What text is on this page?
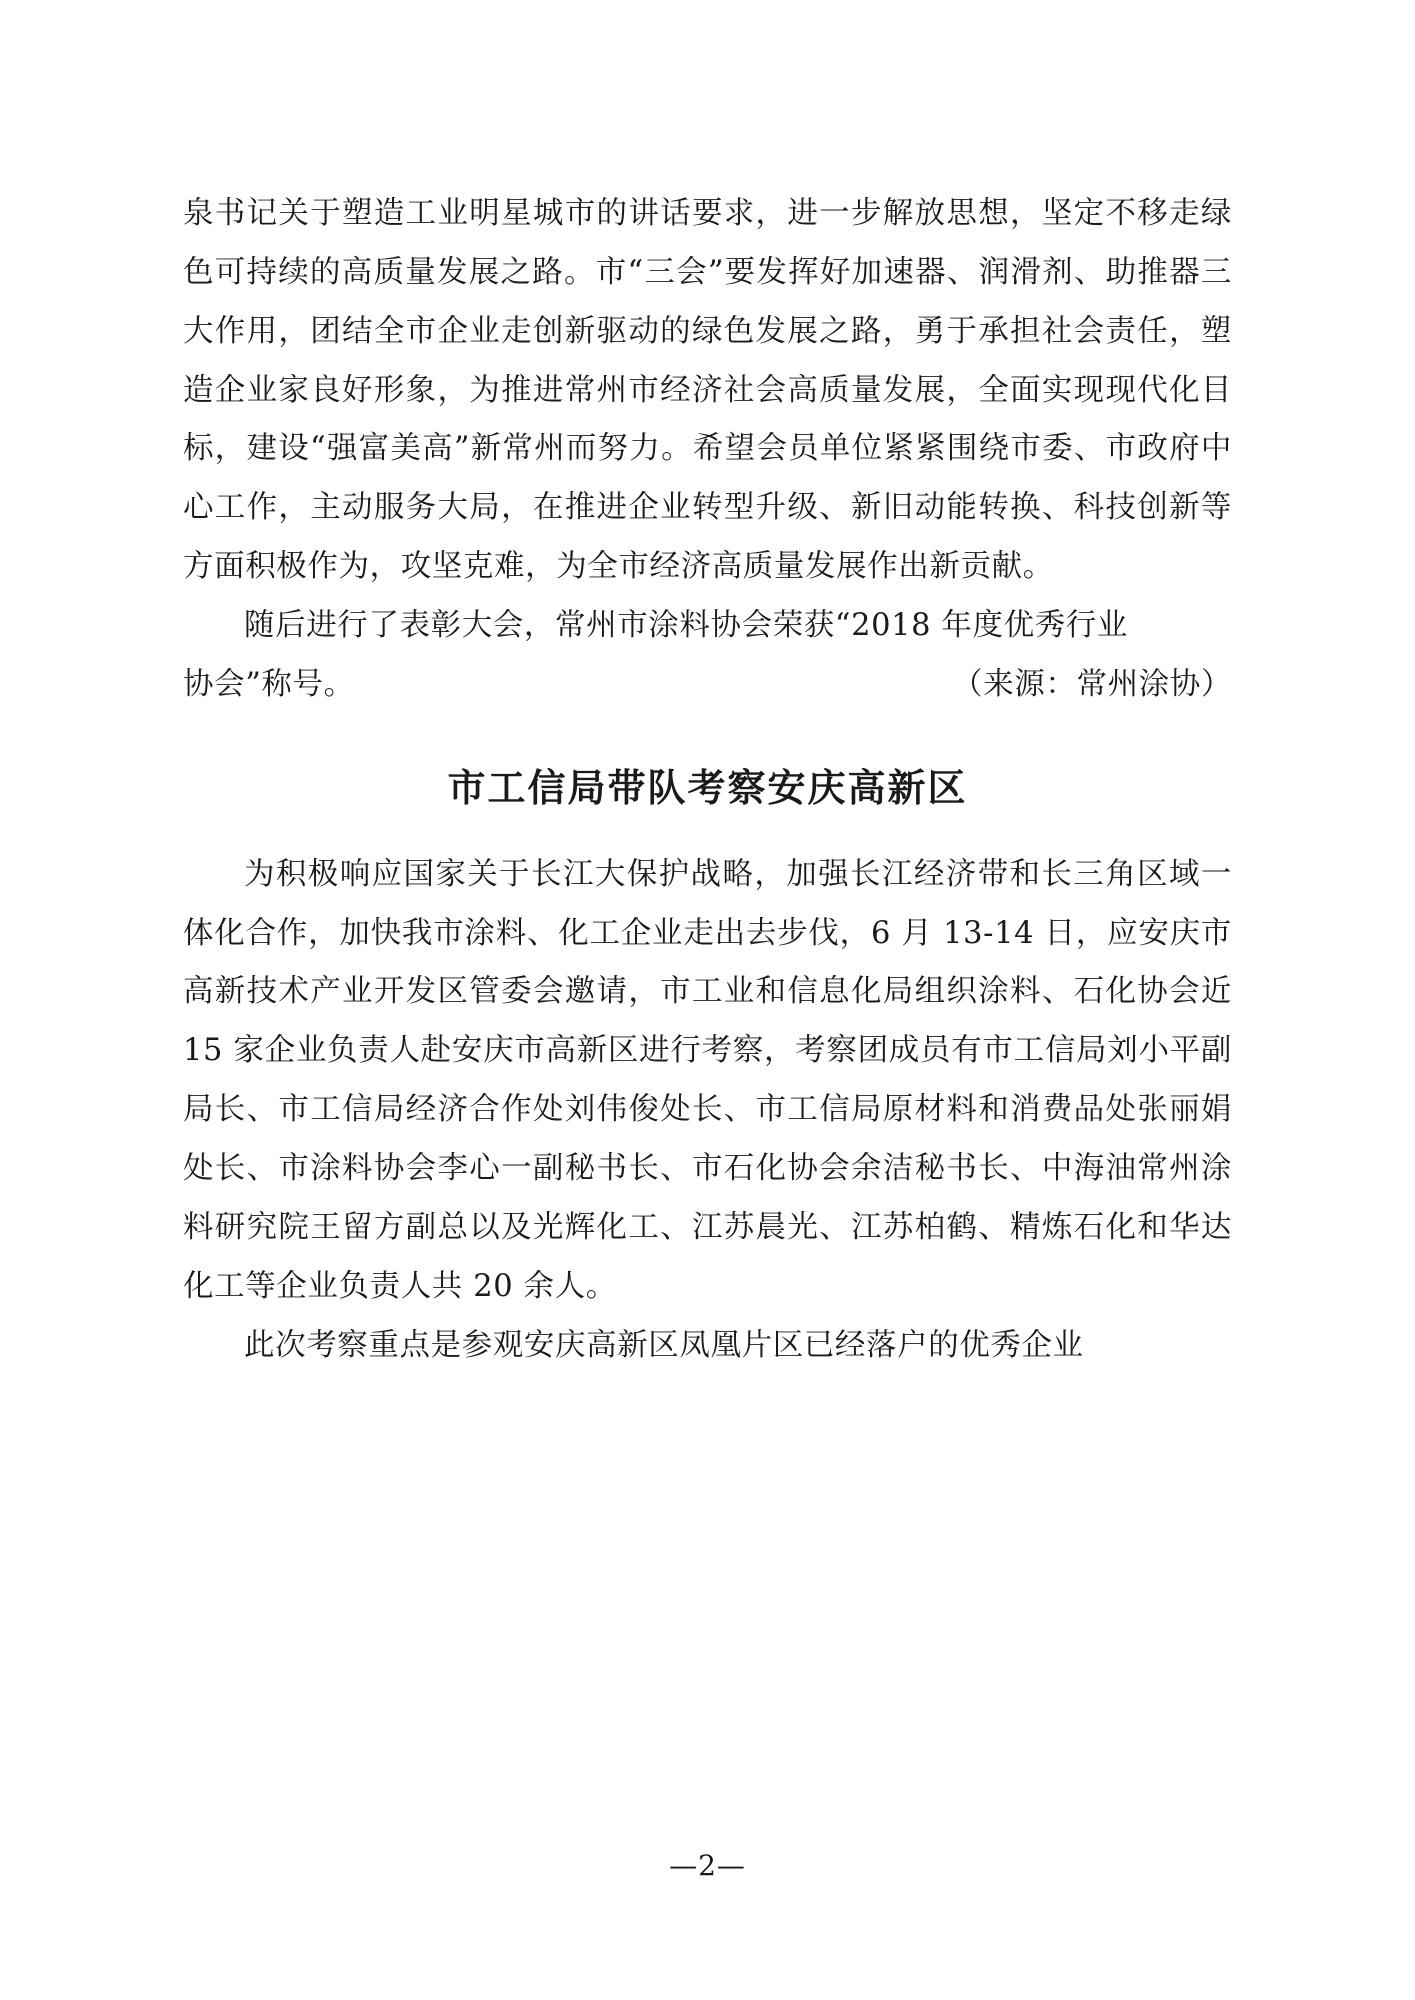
泉书记关于塑造工业明星城市的讲话要求，进一步解放思想，坚定不移走绿色可持续的高质量发展之路。市“三会”要发挥好加速器、润滑剂、助推器三大作用，团结全市企业走创新驱动的绿色发展之路，勇于承担社会责任，塑造企业家良好形象，为推进常州市经济社会高质量发展，全面实现现代化目标，建设“强富美高”新常州而努力。希望会员单位紧紧围绕市委、市政府中心工作，主动服务大局，在推进企业转型升级、新旧动能转换、科技创新等方面积极作为，攻坚克难，为全市经济高质量发展作出新贡献。

随后进行了表彰大会，常州市涂料协会荣获“2018 年度优秀行业

协会”称号。	（来源：常州涂协）
市工信局带队考察安庆高新区

为积极响应国家关于长江大保护战略，加强长江经济带和长三角区域一体化合作，加快我市涂料、化工企业走出去步伐，6 月 13-14 日，应安庆市高新技术产业开发区管委会邀请，市工业和信息化局组织涂料、石化协会近 15 家企业负责人赴安庆市高新区进行考察，考察团成员有市工信局刘小平副局长、市工信局经济合作处刘伟俊处长、市工信局原材料和消费品处张丽娟处长、市涂料协会李心一副秘书长、市石化协会余洁秘书长、中海油常州涂料研究院王留方副总以及光辉化工、江苏晨光、江苏柏鹤、精炼石化和华达化工等企业负责人共 20 余人。

此次考察重点是参观安庆高新区凤凰片区已经落户的优秀企业

—2—
